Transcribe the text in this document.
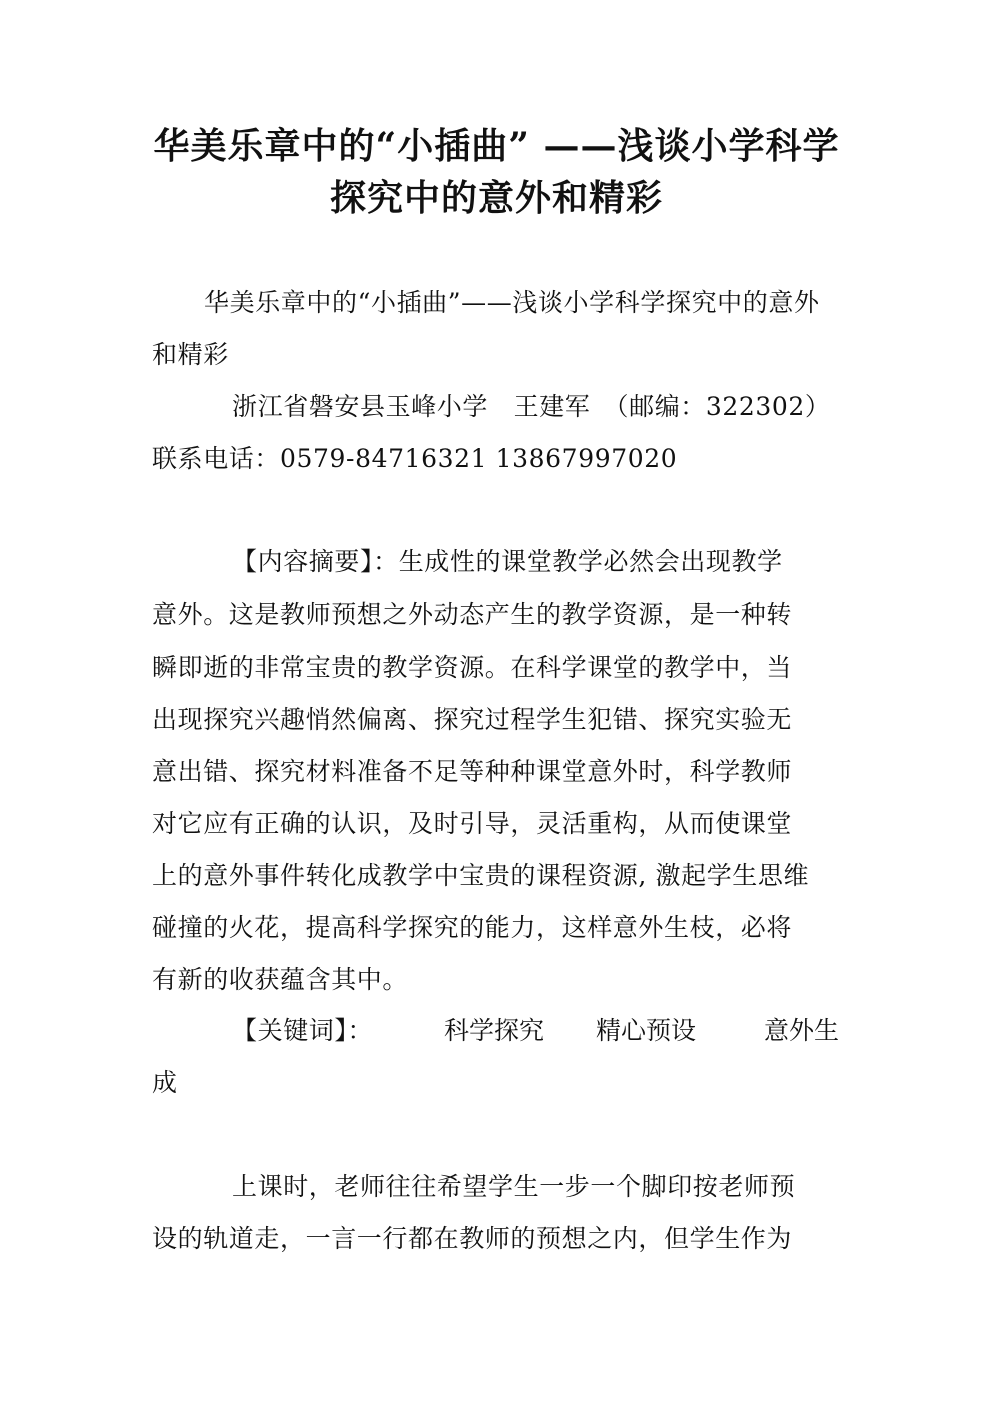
华美乐章中的“小插曲” ——浅谈小学科学
探究中的意外和精彩
华美乐章中的“小插曲”——浅谈小学科学探究中的意外
和精彩
浙江省磐安县玉峰小学　王建军　（邮编：322302）
联系电话：0579-84716321 13867997020
【内容摘要】：生成性的课堂教学必然会出现教学
意外。这是教师预想之外动态产生的教学资源，是一种转
瞬即逝的非常宝贵的教学资源。在科学课堂的教学中，当
出现探究兴趣悄然偏离、探究过程学生犯错、探究实验无
意出错、探究材料准备不足等种种课堂意外时，科学教师
对它应有正确的认识，及时引导，灵活重构，从而使课堂
上的意外事件转化成教学中宝贵的课程资源, 激起学生思维
碰撞的火花，提高科学探究的能力，这样意外生枝，必将
有新的收获蕴含其中。
【关键词】：	科学探究 精心预设	意外生
成
上课时，老师往往希望学生一步一个脚印按老师预
设的轨道走，一言一行都在教师的预想之内，但学生作为
